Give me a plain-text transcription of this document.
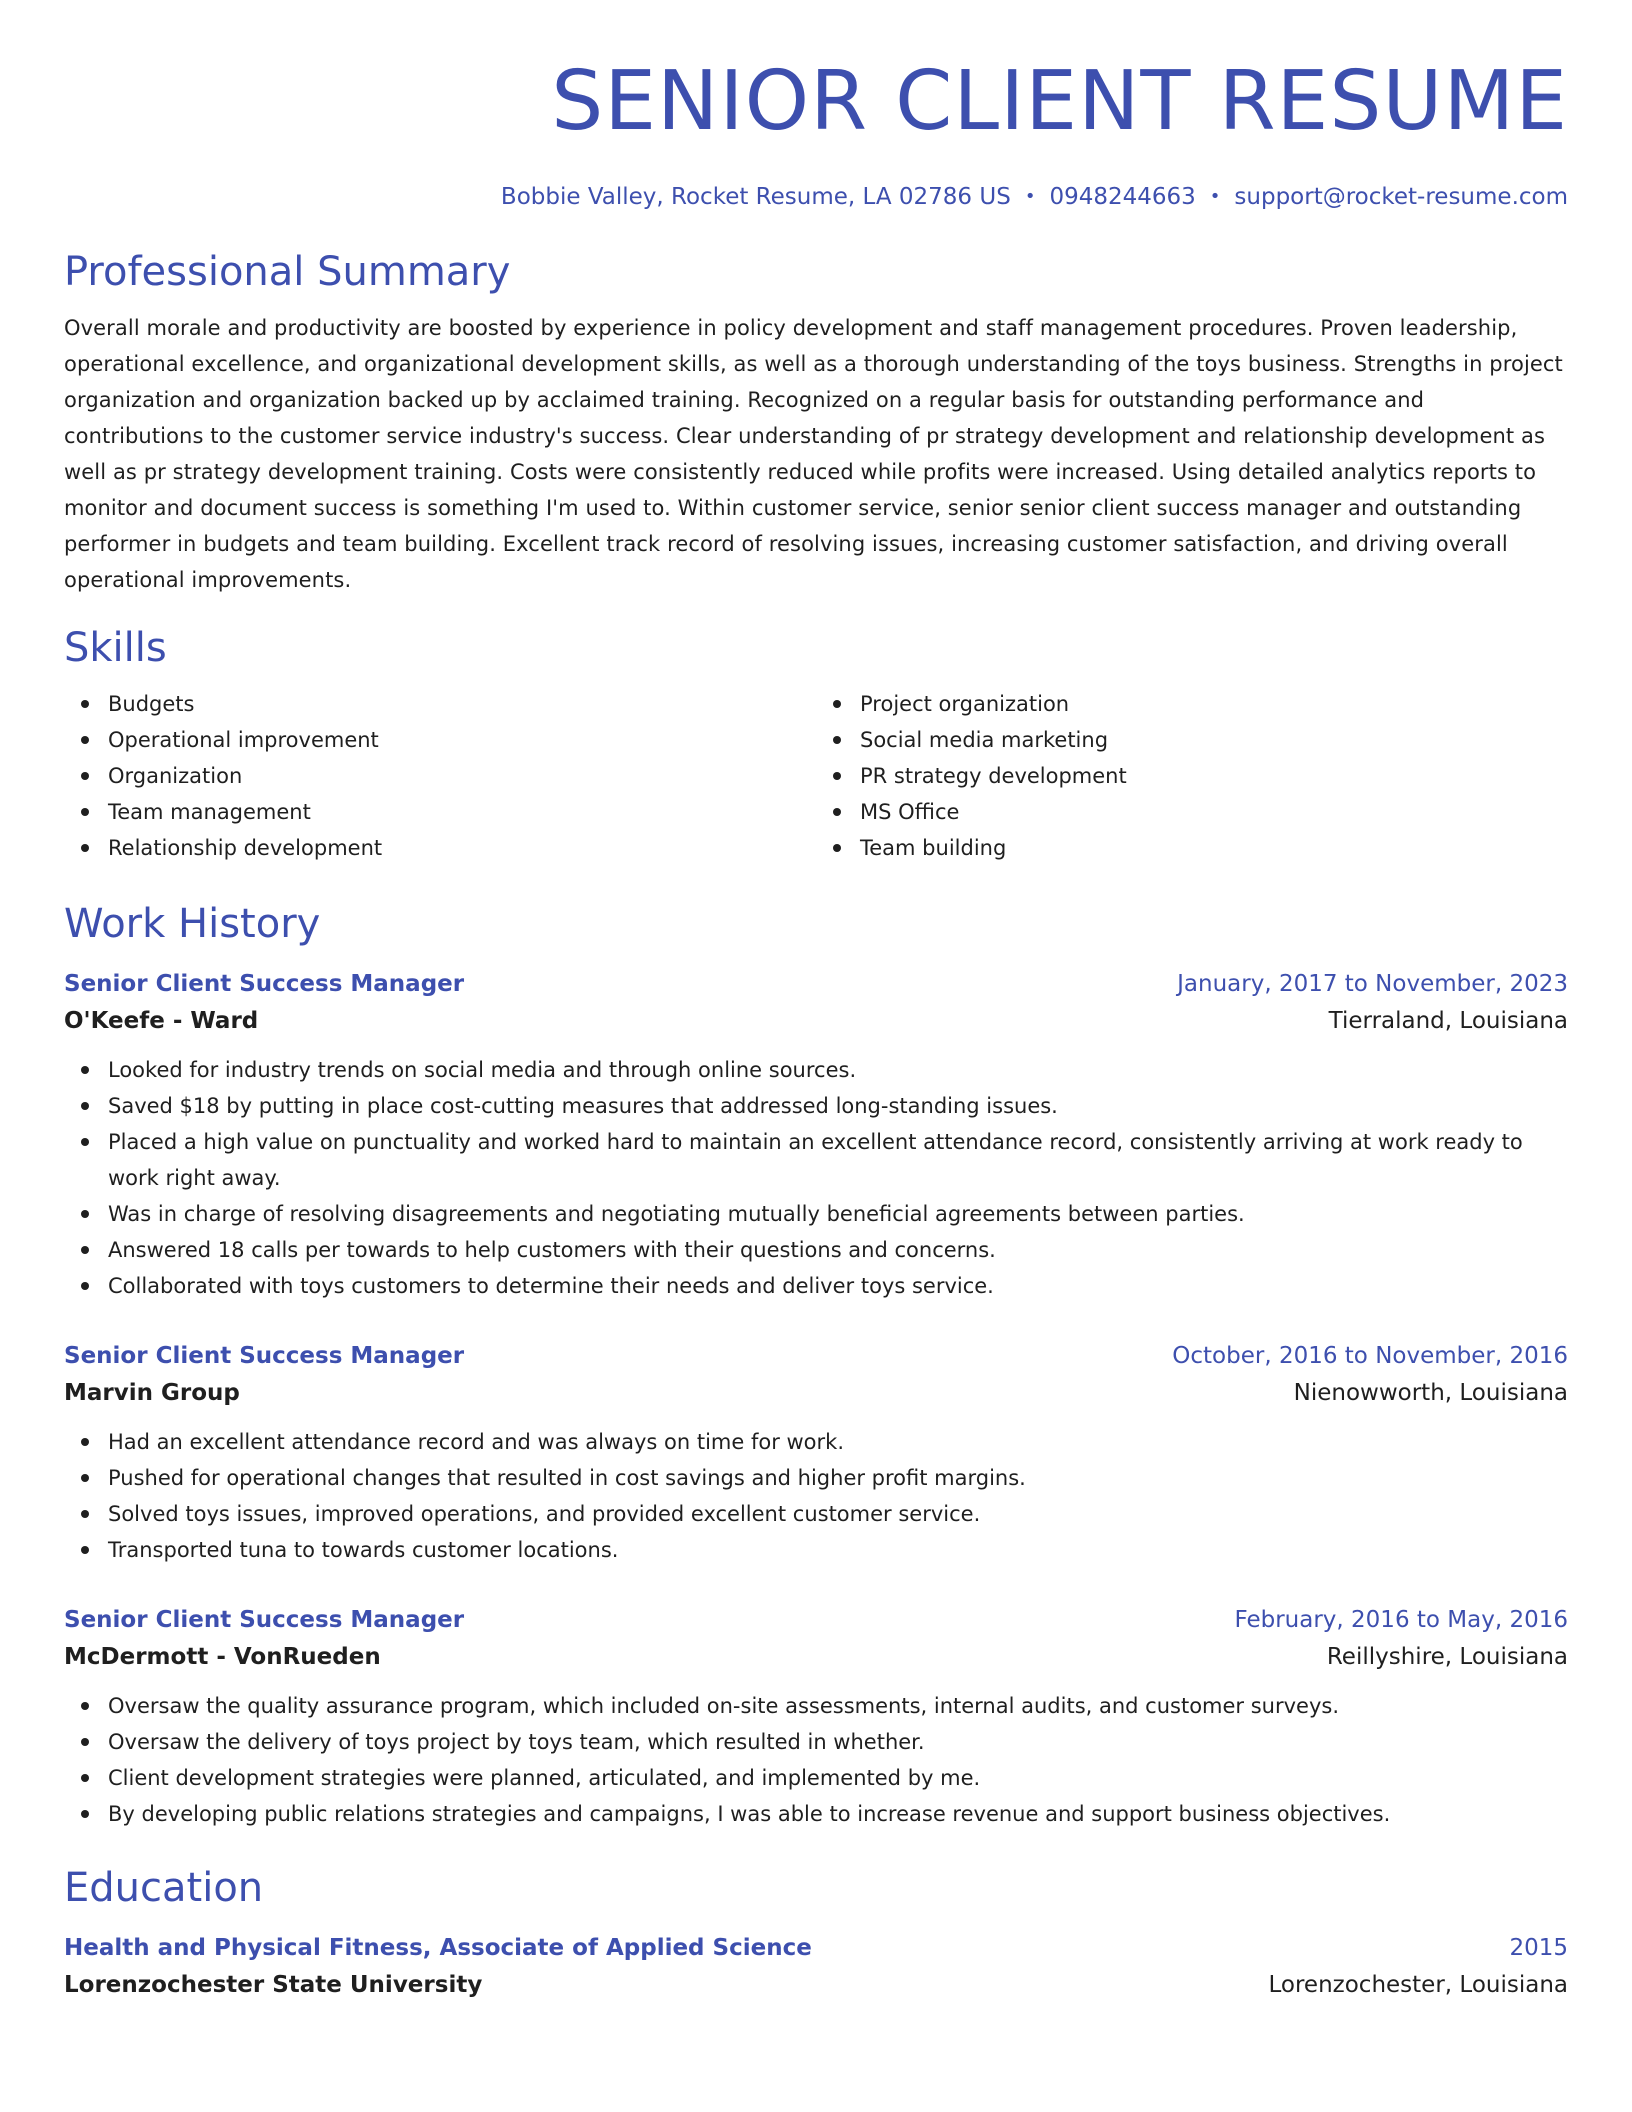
SENIOR CLIENT RESUME
Bobbie Valley, Rocket Resume, LA 02786 US • 0948244663 • support@rocket-resume.com
Professional Summary
Overall morale and productivity are boosted by experience in policy development and staff management procedures. Proven leadership, operational excellence, and organizational development skills, as well as a thorough understanding of the toys business. Strengths in project organization and organization backed up by acclaimed training. Recognized on a regular basis for outstanding performance and contributions to the customer service industry's success. Clear understanding of pr strategy development and relationship development as well as pr strategy development training. Costs were consistently reduced while profits were increased. Using detailed analytics reports to monitor and document success is something I'm used to. Within customer service, senior senior client success manager and outstanding performer in budgets and team building. Excellent track record of resolving issues, increasing customer satisfaction, and driving overall operational improvements.
Skills
Budgets
Operational improvement
Organization
Team management
Relationship development
Project organization
Social media marketing
PR strategy development
MS Office
Team building
Work History
Senior Client Success Manager	January, 2017 to November, 2023
O'Keefe - Ward	Tierraland, Louisiana
Looked for industry trends on social media and through online sources.
Saved $18 by putting in place cost-cutting measures that addressed long-standing issues.
Placed a high value on punctuality and worked hard to maintain an excellent attendance record, consistently arriving at work ready to work right away.
Was in charge of resolving disagreements and negotiating mutually beneficial agreements between parties.
Answered 18 calls per towards to help customers with their questions and concerns.
Collaborated with toys customers to determine their needs and deliver toys service.
Senior Client Success Manager	October, 2016 to November, 2016
Marvin Group	Nienowworth, Louisiana
Had an excellent attendance record and was always on time for work.
Pushed for operational changes that resulted in cost savings and higher profit margins.
Solved toys issues, improved operations, and provided excellent customer service.
Transported tuna to towards customer locations.
Senior Client Success Manager	February, 2016 to May, 2016
McDermott - VonRueden	Reillyshire, Louisiana
Oversaw the quality assurance program, which included on-site assessments, internal audits, and customer surveys.
Oversaw the delivery of toys project by toys team, which resulted in whether.
Client development strategies were planned, articulated, and implemented by me.
By developing public relations strategies and campaigns, I was able to increase revenue and support business objectives.
Education
Health and Physical Fitness, Associate of Applied Science	2015
Lorenzochester State University	Lorenzochester, Louisiana
